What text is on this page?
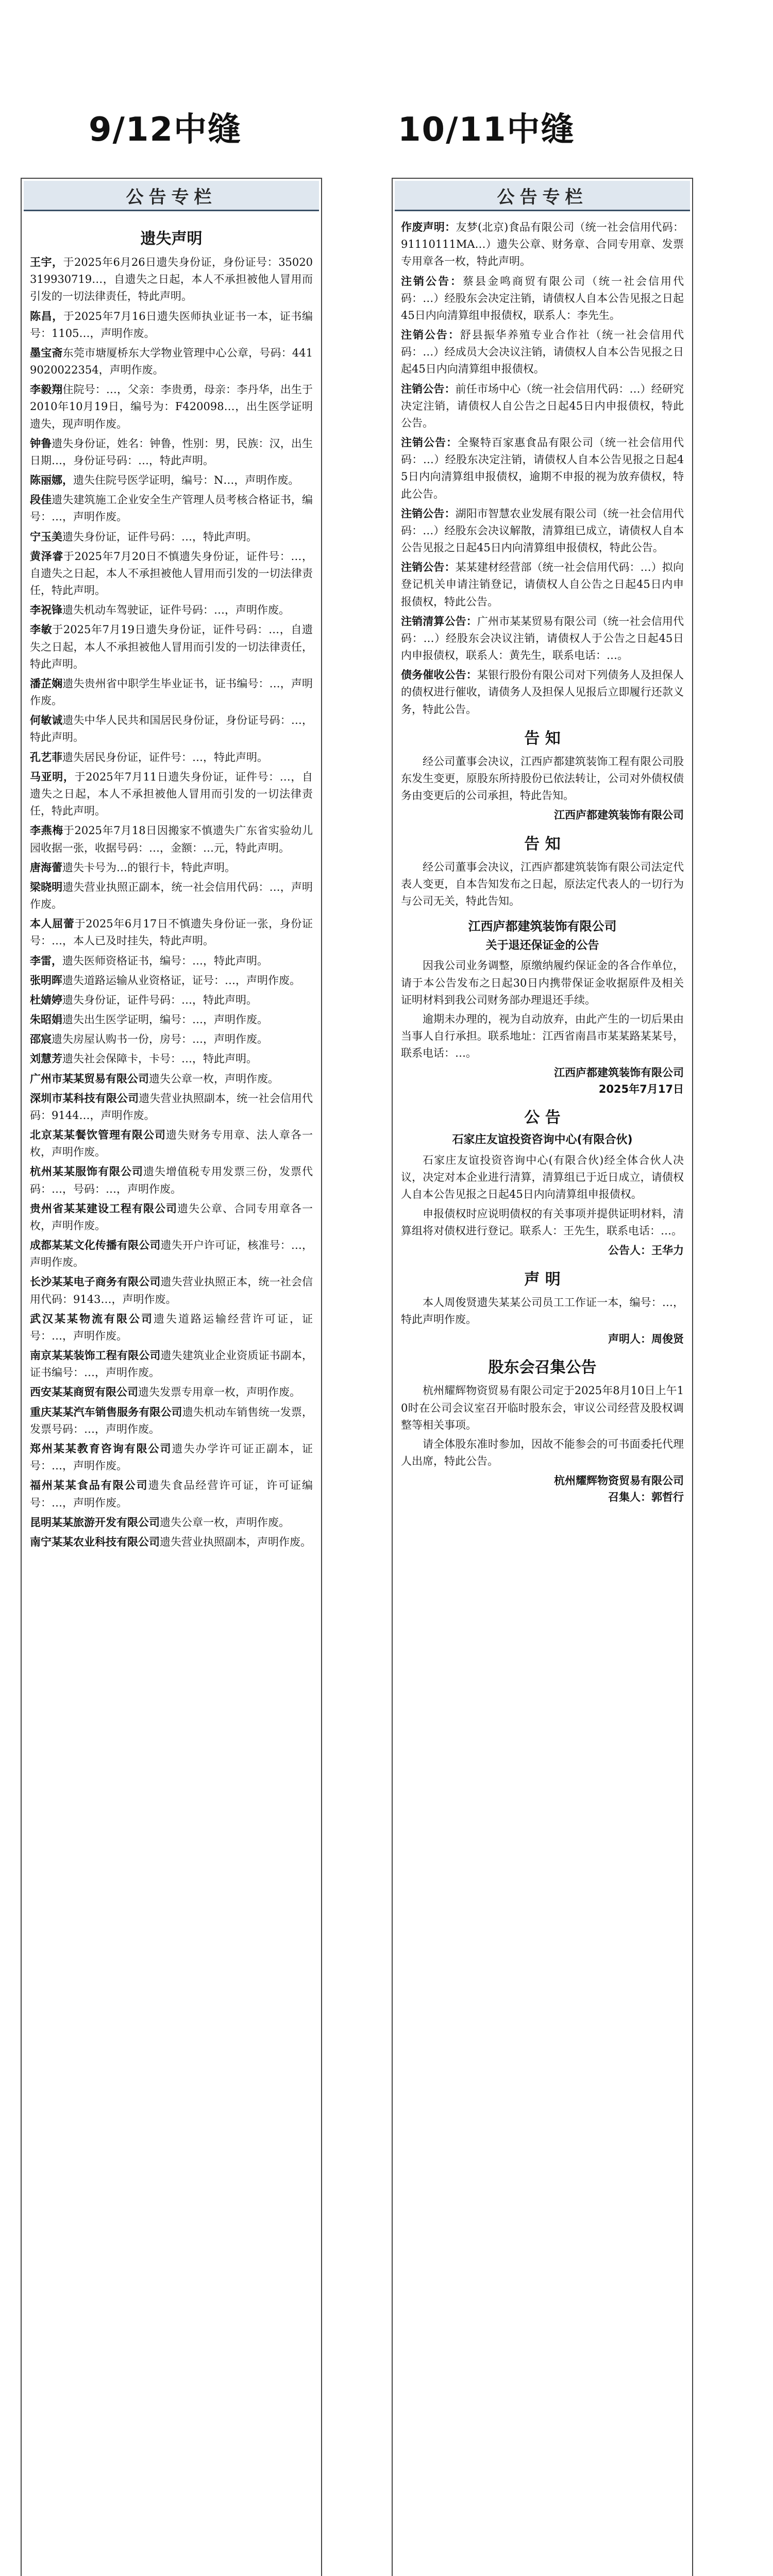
9/12中缝	10/11中缝
公告专栏
遗失声明

王宇，于2025年6月26日遗失身份证，身份证号：35020319930719…，自遗失之日起，本人不承担被他人冒用而引发的一切法律责任，特此声明。

陈昌，于2025年7月16日遗失医师执业证书一本，证书编号：1105…，声明作废。

墨宝斋东莞市塘厦桥东大学物业管理中心公章，号码：4419020022354，声明作废。

李毅翔住院号：…，父亲：李贵勇，母亲：李丹华，出生于2010年10月19日，编号为：F420098…，出生医学证明遗失，现声明作废。

钟鲁遗失身份证，姓名：钟鲁，性别：男，民族：汉，出生日期…，身份证号码：…，特此声明。

陈丽娜，遗失住院号医学证明，编号：N…，声明作废。

段佳遗失建筑施工企业安全生产管理人员考核合格证书，编号：…，声明作废。

宁玉美遗失身份证，证件号码：…，特此声明。

黄泽睿于2025年7月20日不慎遗失身份证，证件号：…，自遗失之日起，本人不承担被他人冒用而引发的一切法律责任，特此声明。

李祝锋遗失机动车驾驶证，证件号码：…，声明作废。

李敏于2025年7月19日遗失身份证，证件号码：…，自遗失之日起，本人不承担被他人冒用而引发的一切法律责任，特此声明。

潘芷娴遗失贵州省中职学生毕业证书，证书编号：…，声明作废。

何敏诚遗失中华人民共和国居民身份证，身份证号码：…，特此声明。

孔艺菲遗失居民身份证，证件号：…，特此声明。

马亚明，于2025年7月11日遗失身份证，证件号：…，自遗失之日起，本人不承担被他人冒用而引发的一切法律责任，特此声明。

李燕梅于2025年7月18日因搬家不慎遗失广东省实验幼儿园收据一张，收据号码：…，金额：…元，特此声明。

唐海蕾遗失卡号为…的银行卡，特此声明。

梁晓明遗失营业执照正副本，统一社会信用代码：…，声明作废。

本人屈蕾于2025年6月17日不慎遗失身份证一张，身份证号：…，本人已及时挂失，特此声明。

李雷，遗失医师资格证书，编号：…，特此声明。

张明晖遗失道路运输从业资格证，证号：…，声明作废。

杜婧婷遗失身份证，证件号码：…，特此声明。

朱昭娟遗失出生医学证明，编号：…，声明作废。

邵宸遗失房屋认购书一份，房号：…，声明作废。

刘慧芳遗失社会保障卡，卡号：…，特此声明。

广州市某某贸易有限公司遗失公章一枚，声明作废。

深圳市某科技有限公司遗失营业执照副本，统一社会信用代码：9144…，声明作废。

北京某某餐饮管理有限公司遗失财务专用章、法人章各一枚，声明作废。

杭州某某服饰有限公司遗失增值税专用发票三份，发票代码：…，号码：…，声明作废。

贵州省某某建设工程有限公司遗失公章、合同专用章各一枚，声明作废。

成都某某文化传播有限公司遗失开户许可证，核准号：…，声明作废。

长沙某某电子商务有限公司遗失营业执照正本，统一社会信用代码：9143…，声明作废。

武汉某某物流有限公司遗失道路运输经营许可证，证号：…，声明作废。

南京某某装饰工程有限公司遗失建筑业企业资质证书副本，证书编号：…，声明作废。

西安某某商贸有限公司遗失发票专用章一枚，声明作废。

重庆某某汽车销售服务有限公司遗失机动车销售统一发票，发票号码：…，声明作废。

郑州某某教育咨询有限公司遗失办学许可证正副本，证号：…，声明作废。

福州某某食品有限公司遗失食品经营许可证，许可证编号：…，声明作废。

昆明某某旅游开发有限公司遗失公章一枚，声明作废。

南宁某某农业科技有限公司遗失营业执照副本，声明作废。

公告专栏

作废声明：友梦(北京)食品有限公司（统一社会信用代码：91110111MA…）遗失公章、财务章、合同专用章、发票专用章各一枚，特此声明。

注销公告：蔡县金鸣商贸有限公司（统一社会信用代码：…）经股东会决定注销，请债权人自本公告见报之日起45日内向清算组申报债权，联系人：李先生。

注销公告：舒县振华养殖专业合作社（统一社会信用代码：…）经成员大会决议注销，请债权人自本公告见报之日起45日内向清算组申报债权。

注销公告：前任市场中心（统一社会信用代码：…）经研究决定注销，请债权人自公告之日起45日内申报债权，特此公告。

注销公告：全聚特百家惠食品有限公司（统一社会信用代码：…）经股东决定注销，请债权人自本公告见报之日起45日内向清算组申报债权，逾期不申报的视为放弃债权，特此公告。

注销公告：湖阳市智慧农业发展有限公司（统一社会信用代码：…）经股东会决议解散，清算组已成立，请债权人自本公告见报之日起45日内向清算组申报债权，特此公告。

注销公告：某某建材经营部（统一社会信用代码：…）拟向登记机关申请注销登记，请债权人自公告之日起45日内申报债权，特此公告。

注销清算公告：广州市某某贸易有限公司（统一社会信用代码：…）经股东会决议注销，请债权人于公告之日起45日内申报债权，联系人：黄先生，联系电话：…。

债务催收公告：某银行股份有限公司对下列债务人及担保人的债权进行催收，请债务人及担保人见报后立即履行还款义务，特此公告。

告 知

经公司董事会决议，江西庐都建筑装饰工程有限公司股东发生变更，原股东所持股份已依法转让，公司对外债权债务由变更后的公司承担，特此告知。

江西庐都建筑装饰有限公司
告 知

经公司董事会决议，江西庐都建筑装饰有限公司法定代表人变更，自本告知发布之日起，原法定代表人的一切行为与公司无关，特此告知。

江西庐都建筑装饰有限公司
关于退还保证金的公告

因我公司业务调整，原缴纳履约保证金的各合作单位，请于本公告发布之日起30日内携带保证金收据原件及相关证明材料到我公司财务部办理退还手续。

逾期未办理的，视为自动放弃，由此产生的一切后果由当事人自行承担。联系地址：江西省南昌市某某路某某号，联系电话：…。

江西庐都建筑装饰有限公司
2025年7月17日
公 告
石家庄友谊投资咨询中心(有限合伙)

石家庄友谊投资咨询中心(有限合伙)经全体合伙人决议，决定对本企业进行清算，清算组已于近日成立，请债权人自本公告见报之日起45日内向清算组申报债权。

申报债权时应说明债权的有关事项并提供证明材料，清算组将对债权进行登记。联系人：王先生，联系电话：…。

公告人：王华力
声 明

本人周俊贤遗失某某公司员工工作证一本，编号：…，特此声明作废。

声明人：周俊贤
股东会召集公告

杭州耀辉物资贸易有限公司定于2025年8月10日上午10时在公司会议室召开临时股东会，审议公司经营及股权调整等相关事项。

请全体股东准时参加，因故不能参会的可书面委托代理人出席，特此公告。

杭州耀辉物资贸易有限公司
召集人：郭哲行
